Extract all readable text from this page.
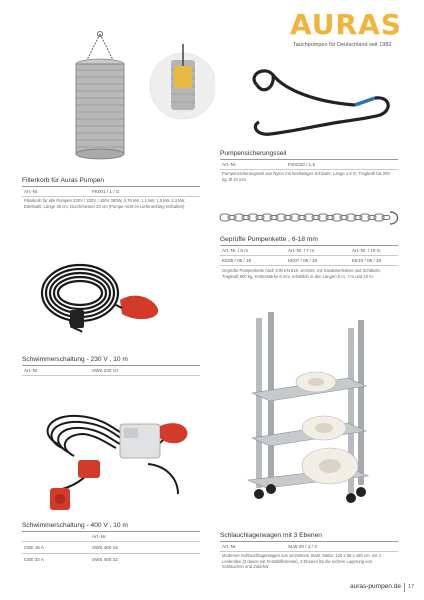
AURAS
Tauchpumpen für Deutschland seit 1982
Pumpensicherungsseil
Art.-Nr.	PSS010 / 1,5
Pumpensicherungsseil aus Nylon mit beidseitiger Schlaufe, Länge 1,5 m, Tragkraft bis 200 kg, Ø 10 mm
Filterkorb für Auras Pumpen
Art.-Nr.	FK001 / 1 / G
Filterkorb für alle Pumpen 230V / 220V / 400V 350W, 0,75 kW, 1,1 kW, 1,5 kW, 2,2 kW, Edelstahl, Länge 35 cm, Durchmesser 20 cm (Pumpe nicht im Lieferumfang enthalten)
Geprüfte Pumpenkette , 6-18 mm
Art.-Nr. / 5 m	Art.-Nr. / 7 m	Art.-Nr. / 10 m
KE05 / 06 / 18	KE07 / 06 / 18	KE10 / 06 / 18
Geprüfte Pumpenkette nach DIN EN 818, verzinkt, mit Karabinerhaken und Schäkeln, Tragkraft 500 kg, Kettenstärke 6 mm, erhältlich in den Längen 5 m, 7 m und 10 m.
Schwimmerschaltung - 230 V , 10 m
Art.-Nr.	SWS 230 10
Schwimmerschaltung - 400 V , 10 m
Art.-Nr.
CEE 16 A	SWS 400 16
CEE 32 A	SWS 400 32
Schlauchlagerwagen mit 3 Ebenen
Art.-Nr.	SLW 00 / 3 / 3
Moderner Schlauchlagerwagen aus verzinktem Stahl, Maße: 120 x 55 x 180 cm, mit 4 Lenkrollen (2 davon mit Feststellbremse), 3 Ebenen für die sichere Lagerung von Schläuchen und Zubehör.
auras-pumpen.de 17
